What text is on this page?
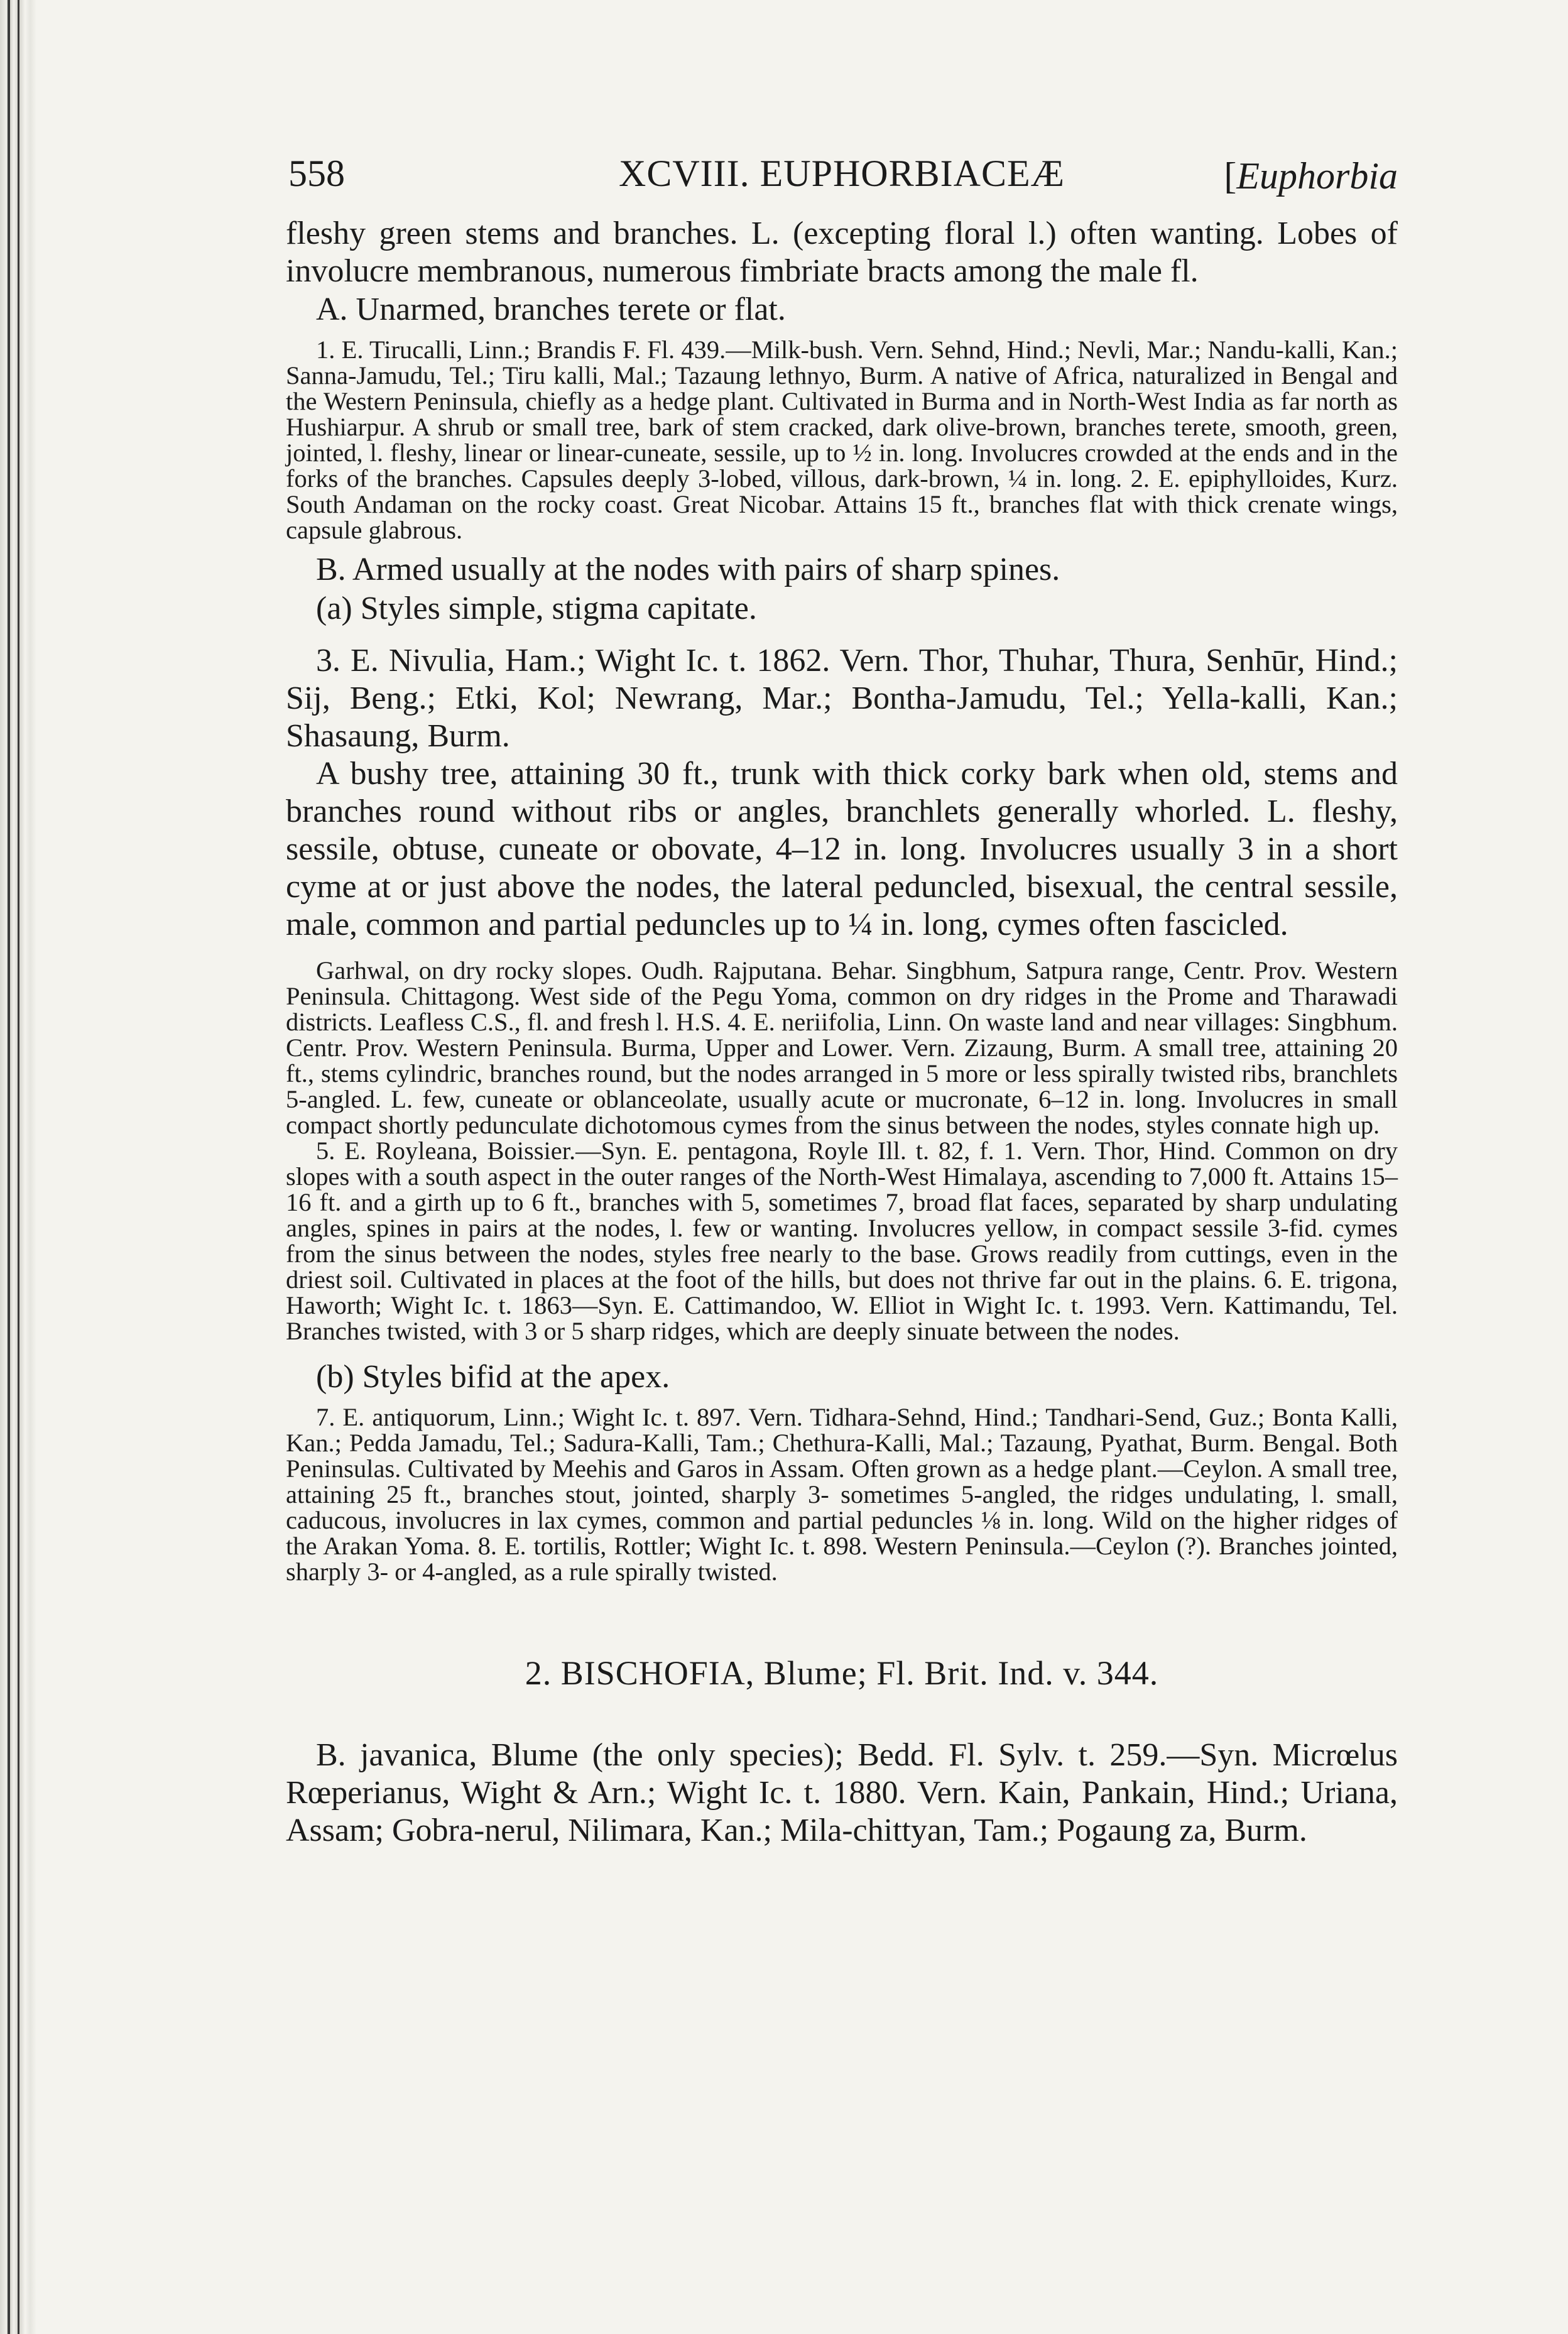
558	XCVIII. EUPHORBIACEÆ	[Euphorbia

fleshy green stems and branches. L. (excepting floral l.) often wanting. Lobes of involucre membranous, numerous fimbriate bracts among the male fl.

A. Unarmed, branches terete or flat.

1. E. Tirucalli, Linn.; Brandis F. Fl. 439.—Milk-bush. Vern. Sehnd, Hind.; Nevli, Mar.; Nandu-kalli, Kan.; Sanna-Jamudu, Tel.; Tiru kalli, Mal.; Tazaung lethnyo, Burm. A native of Africa, naturalized in Bengal and the Western Peninsula, chiefly as a hedge plant. Cultivated in Burma and in North-West India as far north as Hushiarpur. A shrub or small tree, bark of stem cracked, dark olive-brown, branches terete, smooth, green, jointed, l. fleshy, linear or linear-cuneate, sessile, up to ½ in. long. Involucres crowded at the ends and in the forks of the branches. Capsules deeply 3-lobed, villous, dark-brown, ¼ in. long. 2. E. epiphylloides, Kurz. South Andaman on the rocky coast. Great Nicobar. Attains 15 ft., branches flat with thick crenate wings, capsule glabrous.

B. Armed usually at the nodes with pairs of sharp spines.

(a) Styles simple, stigma capitate.

3. E. Nivulia, Ham.; Wight Ic. t. 1862. Vern. Thor, Thuhar, Thura, Senhūr, Hind.; Sij, Beng.; Etki, Kol; Newrang, Mar.; Bontha-Jamudu, Tel.; Yella-kalli, Kan.; Shasaung, Burm.

A bushy tree, attaining 30 ft., trunk with thick corky bark when old, stems and branches round without ribs or angles, branchlets generally whorled. L. fleshy, sessile, obtuse, cuneate or obovate, 4–12 in. long. Involucres usually 3 in a short cyme at or just above the nodes, the lateral peduncled, bisexual, the central sessile, male, common and partial peduncles up to ¼ in. long, cymes often fascicled.

Garhwal, on dry rocky slopes. Oudh. Rajputana. Behar. Singbhum, Satpura range, Centr. Prov. Western Peninsula. Chittagong. West side of the Pegu Yoma, common on dry ridges in the Prome and Tharawadi districts. Leafless C.S., fl. and fresh l. H.S. 4. E. neriifolia, Linn. On waste land and near villages: Singbhum. Centr. Prov. Western Peninsula. Burma, Upper and Lower. Vern. Zizaung, Burm. A small tree, attaining 20 ft., stems cylindric, branches round, but the nodes arranged in 5 more or less spirally twisted ribs, branchlets 5-angled. L. few, cuneate or oblanceolate, usually acute or mucronate, 6–12 in. long. Involucres in small compact shortly pedunculate dichotomous cymes from the sinus between the nodes, styles connate high up.

5. E. Royleana, Boissier.—Syn. E. pentagona, Royle Ill. t. 82, f. 1. Vern. Thor, Hind. Common on dry slopes with a south aspect in the outer ranges of the North-West Himalaya, ascending to 7,000 ft. Attains 15–16 ft. and a girth up to 6 ft., branches with 5, sometimes 7, broad flat faces, separated by sharp undulating angles, spines in pairs at the nodes, l. few or wanting. Involucres yellow, in compact sessile 3-fid. cymes from the sinus between the nodes, styles free nearly to the base. Grows readily from cuttings, even in the driest soil. Cultivated in places at the foot of the hills, but does not thrive far out in the plains. 6. E. trigona, Haworth; Wight Ic. t. 1863—Syn. E. Cattimandoo, W. Elliot in Wight Ic. t. 1993. Vern. Kattimandu, Tel. Branches twisted, with 3 or 5 sharp ridges, which are deeply sinuate between the nodes.

(b) Styles bifid at the apex.

7. E. antiquorum, Linn.; Wight Ic. t. 897. Vern. Tidhara-Sehnd, Hind.; Tandhari-Send, Guz.; Bonta Kalli, Kan.; Pedda Jamadu, Tel.; Sadura-Kalli, Tam.; Chethura-Kalli, Mal.; Tazaung, Pyathat, Burm. Bengal. Both Peninsulas. Cultivated by Meehis and Garos in Assam. Often grown as a hedge plant.—Ceylon. A small tree, attaining 25 ft., branches stout, jointed, sharply 3- sometimes 5-angled, the ridges undulating, l. small, caducous, involucres in lax cymes, common and partial peduncles ⅛ in. long. Wild on the higher ridges of the Arakan Yoma. 8. E. tortilis, Rottler; Wight Ic. t. 898. Western Peninsula.—Ceylon (?). Branches jointed, sharply 3- or 4-angled, as a rule spirally twisted.

2. BISCHOFIA, Blume; Fl. Brit. Ind. v. 344.

B. javanica, Blume (the only species); Bedd. Fl. Sylv. t. 259.—Syn. Micrœlus Rœperianus, Wight & Arn.; Wight Ic. t. 1880. Vern. Kain, Pankain, Hind.; Uriana, Assam; Gobra-nerul, Nilimara, Kan.; Mila-chittyan, Tam.; Pogaung za, Burm.
